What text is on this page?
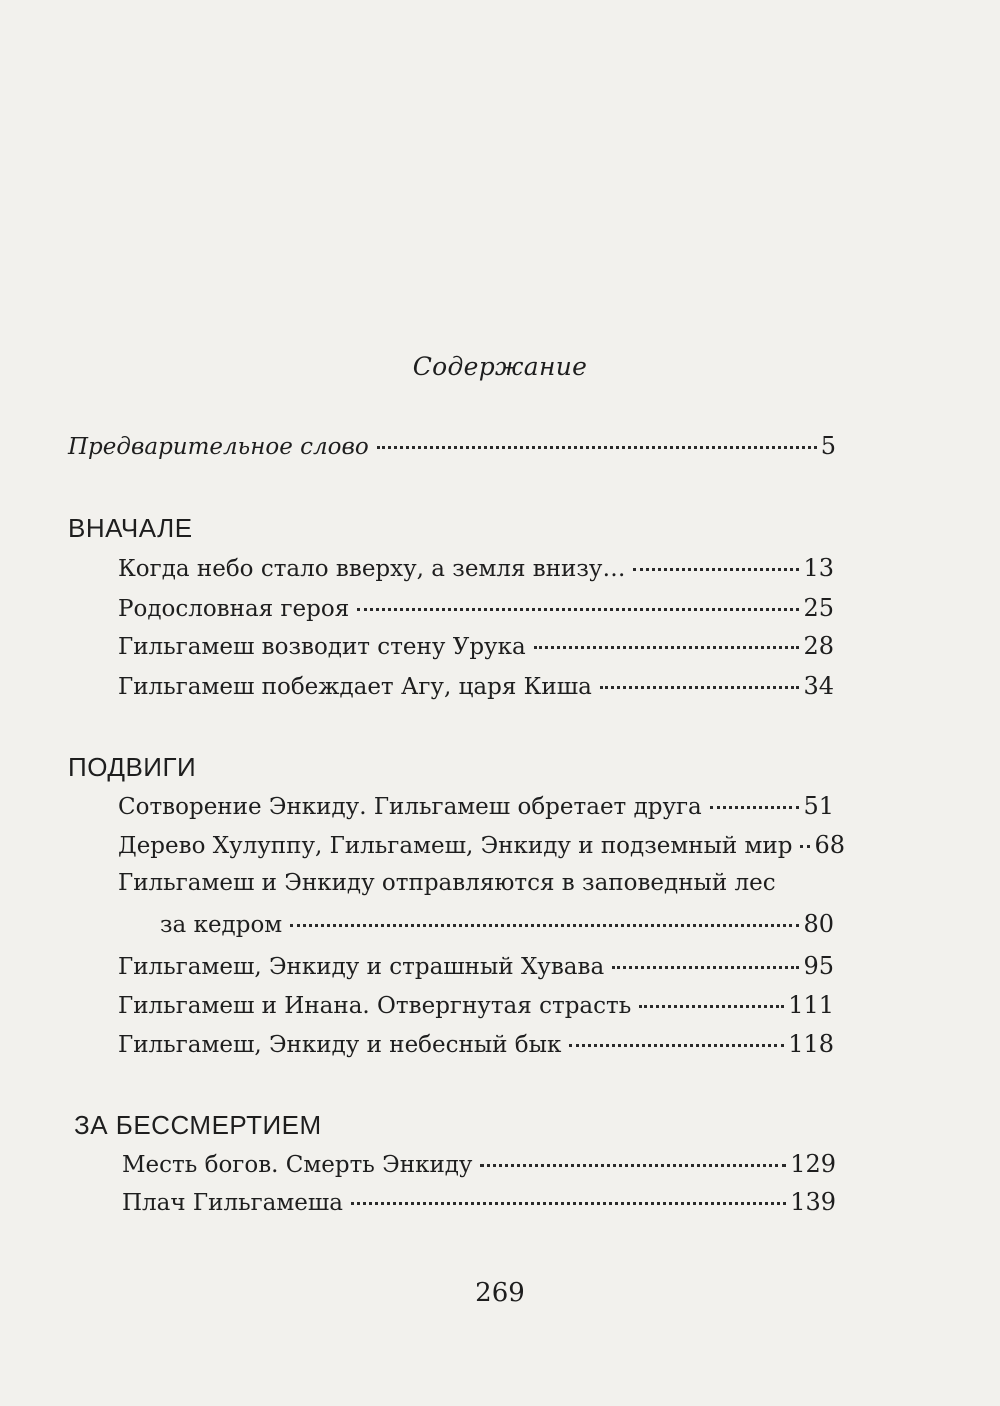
Содержание
Предварительное слово	5
ВНАЧАЛЕ
Когда небо стало вверху, а земля внизу…	13
Родословная героя	25
Гильгамеш возводит стену Урука	28
Гильгамеш побеждает Агу, царя Киша	34
ПОДВИГИ
Сотворение Энкиду. Гильгамеш обретает друга	51
Дерево Хулуппу, Гильгамеш, Энкиду и подземный мир 68
Гильгамеш и Энкиду отправляются в заповедный лес
за кедром	80
Гильгамеш, Энкиду и страшный Хувава	95
Гильгамеш и Инана. Отвергнутая страсть	111
Гильгамеш, Энкиду и небесный бык	118
ЗА БЕССМЕРТИЕМ
Месть богов. Смерть Энкиду	129
Плач Гильгамеша	139
269
